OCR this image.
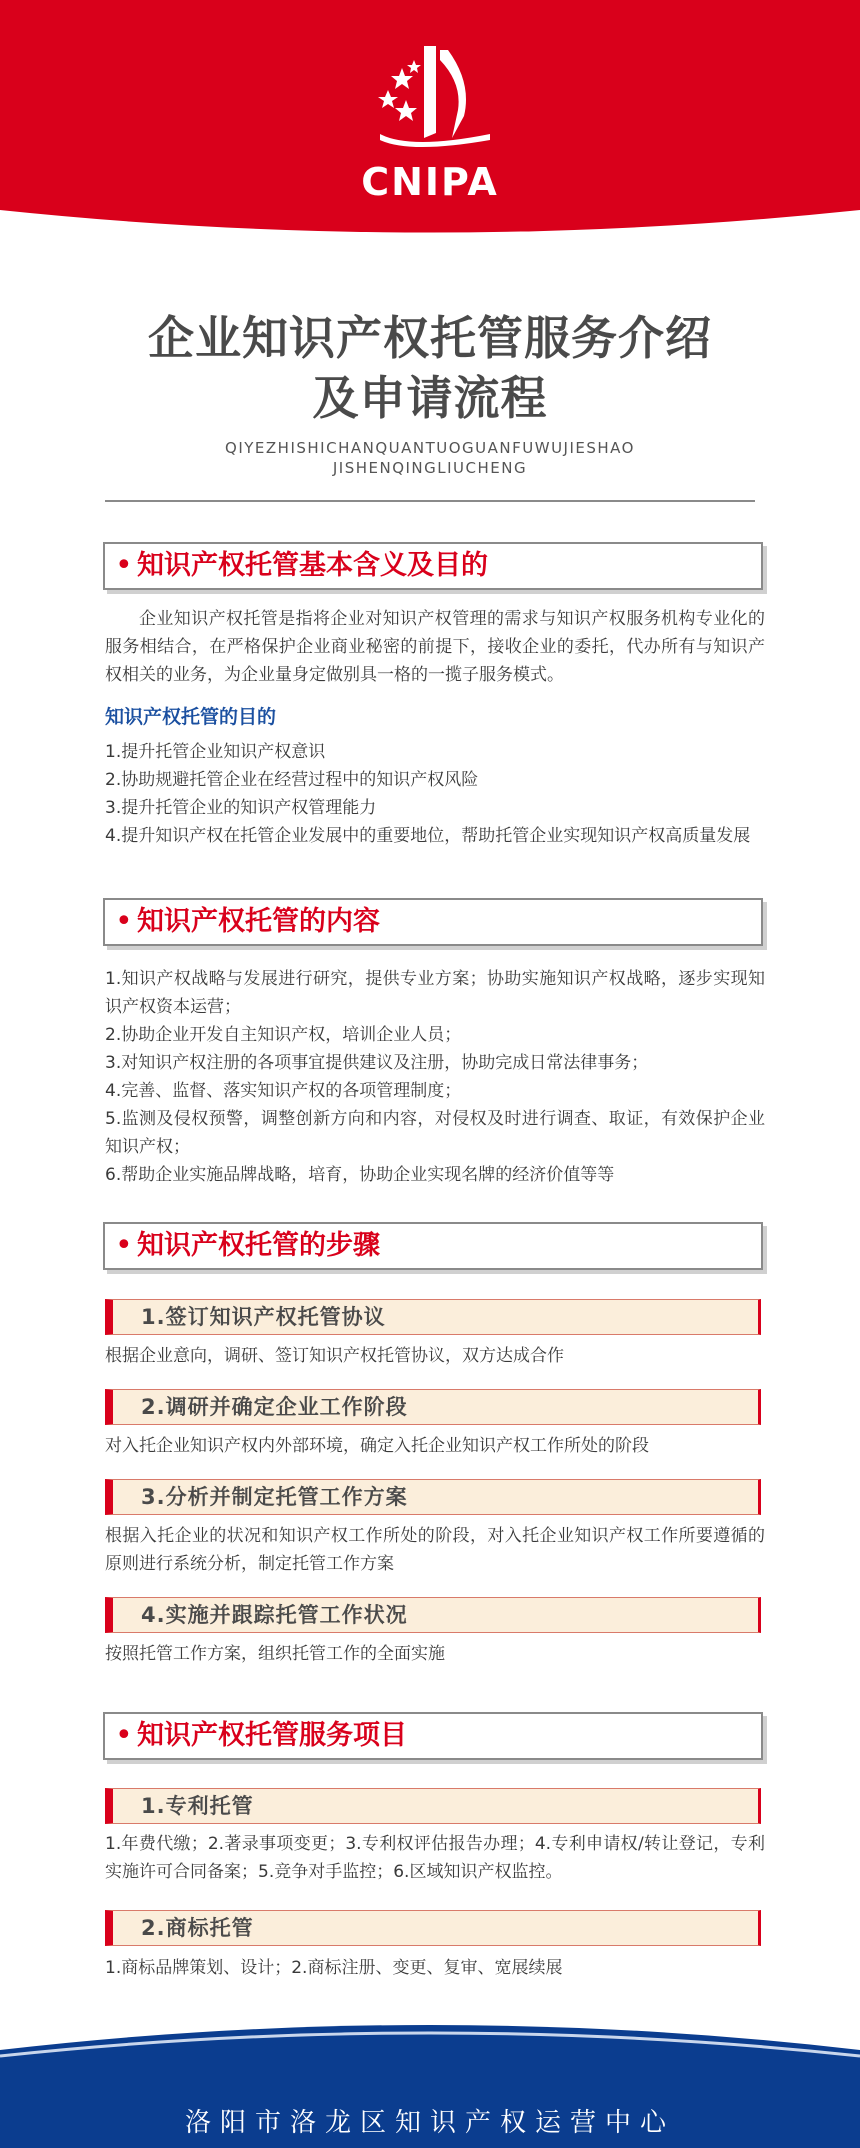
CNIPA
企业知识产权托管服务介绍
及申请流程
QIYEZHISHICHANQUANTUOGUANFUWUJIESHAO
JISHENQINGLIUCHENG
• 知识产权托管基本含义及目的
企业知识产权托管是指将企业对知识产权管理的需求与知识产权服务机构专业化的服务相结合，在严格保护企业商业秘密的前提下，接收企业的委托，代办所有与知识产权相关的业务，为企业量身定做别具一格的一揽子服务模式。
知识产权托管的目的
1.提升托管企业知识产权意识
2.协助规避托管企业在经营过程中的知识产权风险
3.提升托管企业的知识产权管理能力
4.提升知识产权在托管企业发展中的重要地位，帮助托管企业实现知识产权高质量发展
• 知识产权托管的内容
1.知识产权战略与发展进行研究，提供专业方案；协助实施知识产权战略，逐步实现知识产权资本运营；
2.协助企业开发自主知识产权，培训企业人员；
3.对知识产权注册的各项事宜提供建议及注册，协助完成日常法律事务；
4.完善、监督、落实知识产权的各项管理制度；
5.监测及侵权预警，调整创新方向和内容，对侵权及时进行调查、取证，有效保护企业知识产权；
6.帮助企业实施品牌战略，培育，协助企业实现名牌的经济价值等等
• 知识产权托管的步骤
1.签订知识产权托管协议
根据企业意向，调研、签订知识产权托管协议，双方达成合作
2.调研并确定企业工作阶段
对入托企业知识产权内外部环境，确定入托企业知识产权工作所处的阶段
3.分析并制定托管工作方案
根据入托企业的状况和知识产权工作所处的阶段，对入托企业知识产权工作所要遵循的原则进行系统分析，制定托管工作方案
4.实施并跟踪托管工作状况
按照托管工作方案，组织托管工作的全面实施
• 知识产权托管服务项目
1.专利托管
1.年费代缴；2.著录事项变更；3.专利权评估报告办理；4.专利申请权/转让登记，专利实施许可合同备案；5.竞争对手监控；6.区域知识产权监控。
2.商标托管
1.商标品牌策划、设计；2.商标注册、变更、复审、宽展续展
洛阳市洛龙区知识产权运营中心
